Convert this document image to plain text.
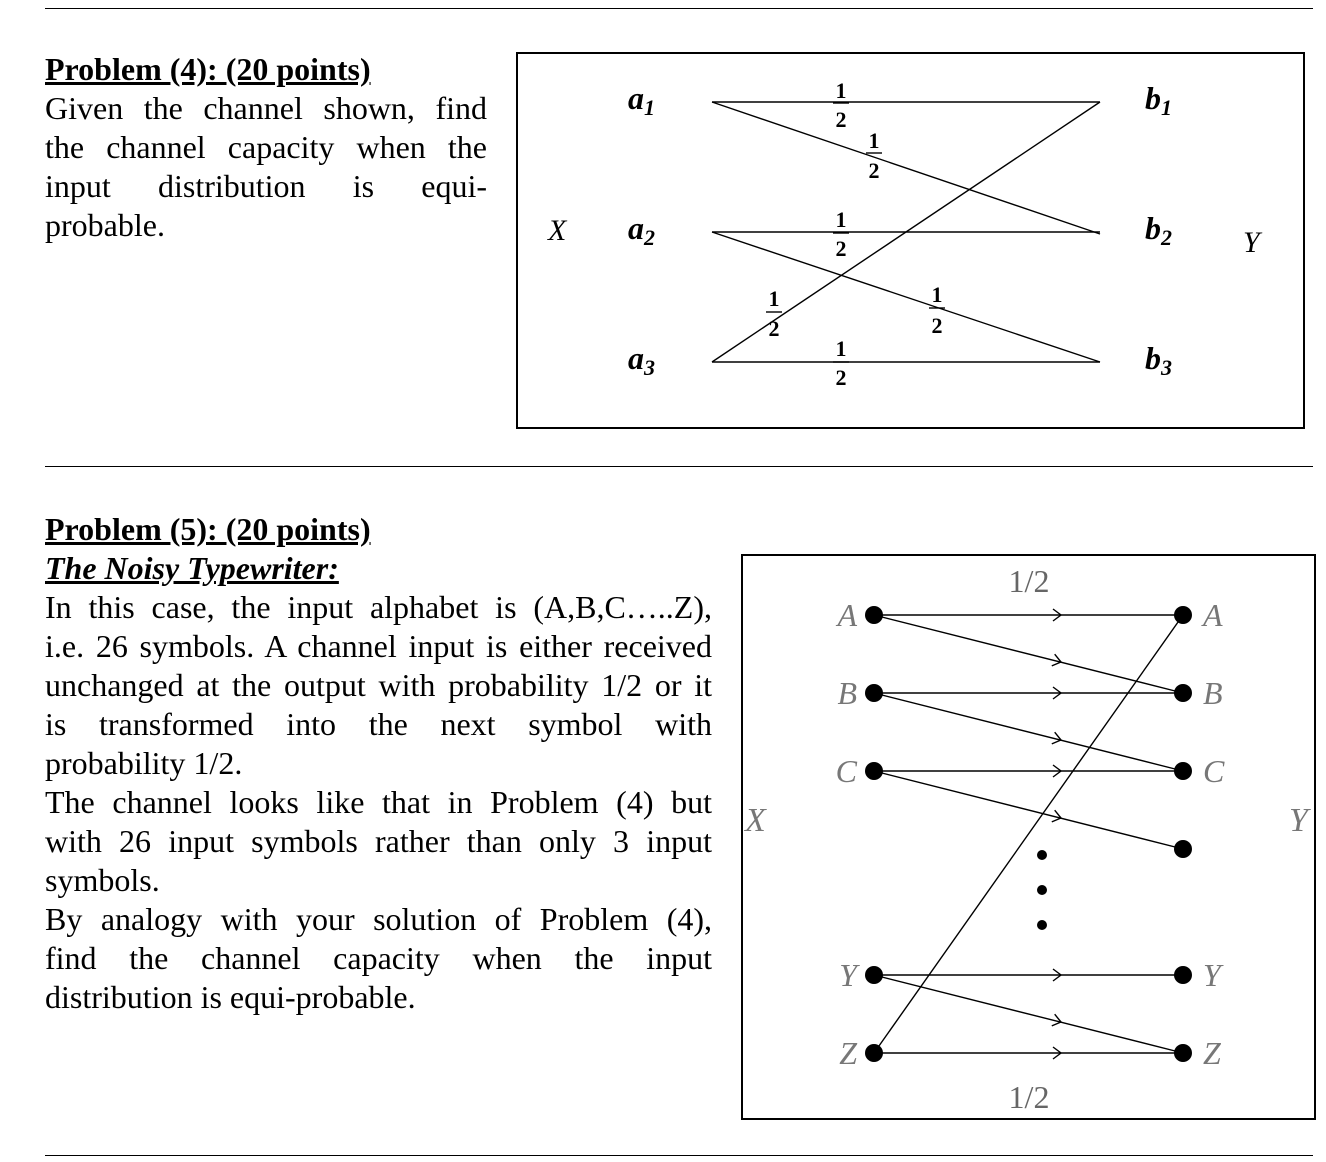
Problem (4): (20 points)
Given the channel shown, find
the channel capacity when the
input distribution is equi-
probable.	X	Y
a1
a2
a3
b1
b2
b3
1
2
1
2
1
2
1
2
1
2
1
2
Problem (5): (20 points)
The Noisy Typewriter:
In this case, the input alphabet is (A,B,C…..Z),
i.e. 26 symbols. A channel input is either received
unchanged at the output with probability 1/2 or it
is transformed into the next symbol with
probability 1/2.
The channel looks like that in Problem (4) but
with 26 input symbols rather than only 3 input
symbols.
By analogy with your solution of Problem (4),
find the channel capacity when the input
distribution is equi-probable.
A
B
C
Y
Z
A
B
C
Y
Z
X	Y
1/2
1/2
